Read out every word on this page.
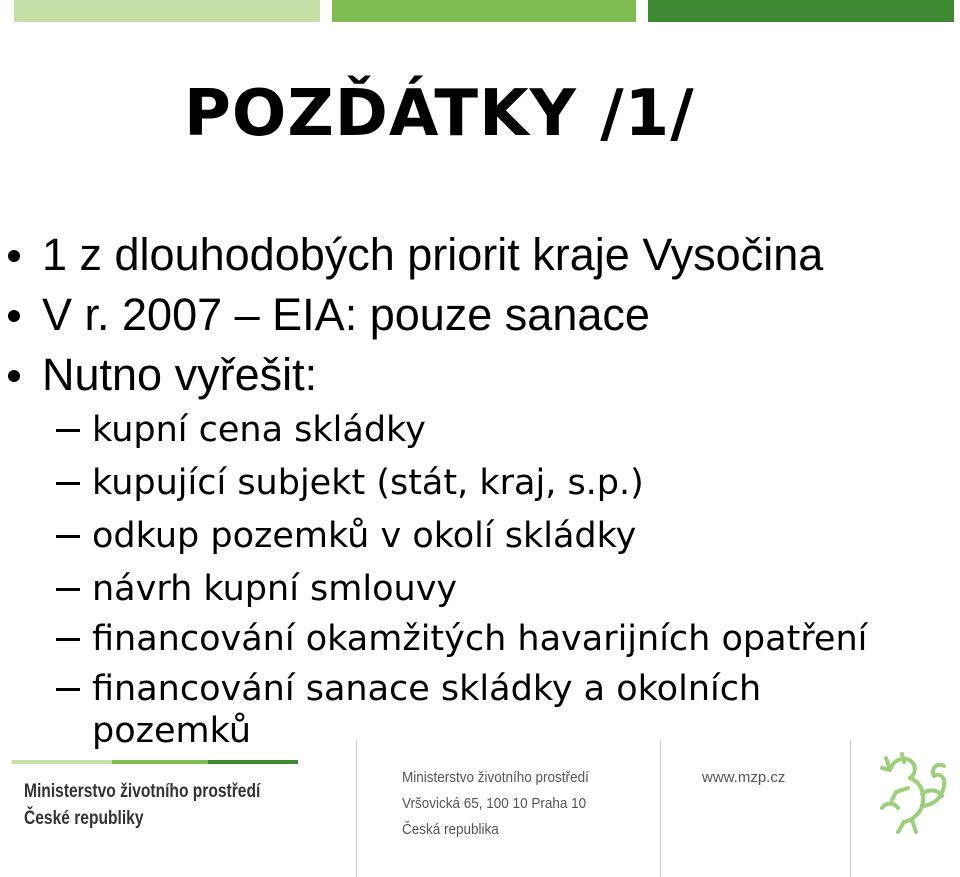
POZĎÁTKY /1/
1 z dlouhodobých priorit kraje Vysočina
V r. 2007 – EIA: pouze sanace
Nutno vyřešit:
kupní cena skládky
kupující subjekt (stát, kraj, s.p.)
odkup pozemků v okolí skládky
návrh kupní smlouvy
financování okamžitých havarijních opatření
financování sanace skládky a okolních
pozemků
Ministerstvo životního prostředí
České republiky
Ministerstvo životního prostředí
Vršovická 65, 100 10 Praha 10
Česká republika
www.mzp.cz
